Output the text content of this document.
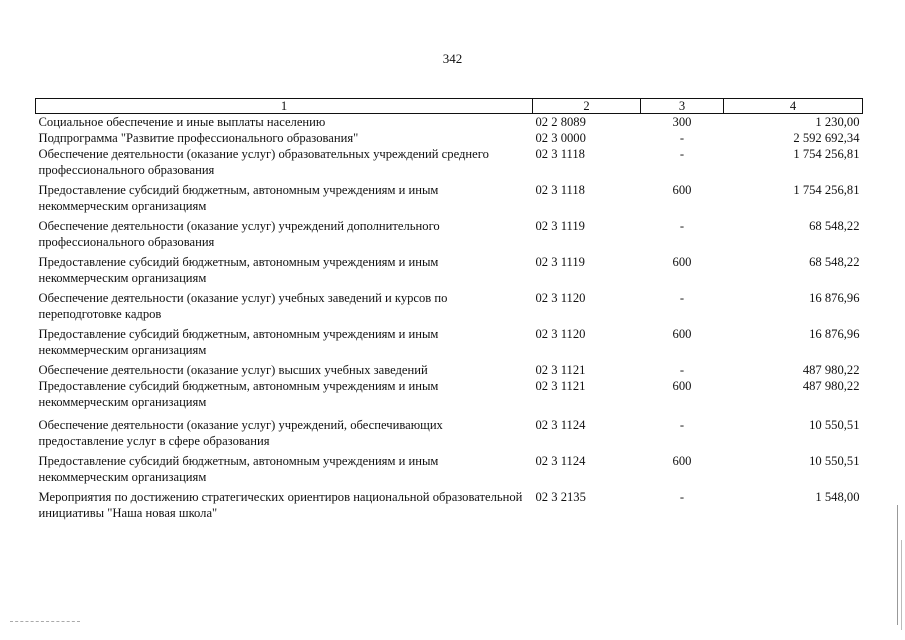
342
1	2	3	4
Социальное обеспечение и иные выплаты населению	02 2 8089	300	1 230,00
Подпрограмма "Развитие профессионального образования"	02 3 0000	-	2 592 692,34
Обеспечение деятельности (оказание услуг) образовательных учреждений среднего профессионального образования	02 3 1118	-	1 754 256,81
Предоставление субсидий бюджетным, автономным учреждениям и иным некоммерческим организациям	02 3 1118	600	1 754 256,81
Обеспечение деятельности (оказание услуг) учреждений дополнительного профессионального образования	02 3 1119	-	68 548,22
Предоставление субсидий бюджетным, автономным учреждениям и иным некоммерческим организациям	02 3 1119	600	68 548,22
Обеспечение деятельности (оказание услуг) учебных заведений и курсов по переподготовке кадров	02 3 1120	-	16 876,96
Предоставление субсидий бюджетным, автономным учреждениям и иным некоммерческим организациям	02 3 1120	600	16 876,96
Обеспечение деятельности (оказание услуг) высших учебных заведений	02 3 1121	-	487 980,22
Предоставление субсидий бюджетным, автономным учреждениям и иным некоммерческим организациям	02 3 1121	600	487 980,22
Обеспечение деятельности (оказание услуг) учреждений, обеспечивающих предоставление услуг в сфере образования	02 3 1124	-	10 550,51
Предоставление субсидий бюджетным, автономным учреждениям и иным некоммерческим организациям	02 3 1124	600	10 550,51
Мероприятия по достижению стратегических ориентиров национальной образовательной инициативы "Наша новая школа"	02 3 2135	-	1 548,00
